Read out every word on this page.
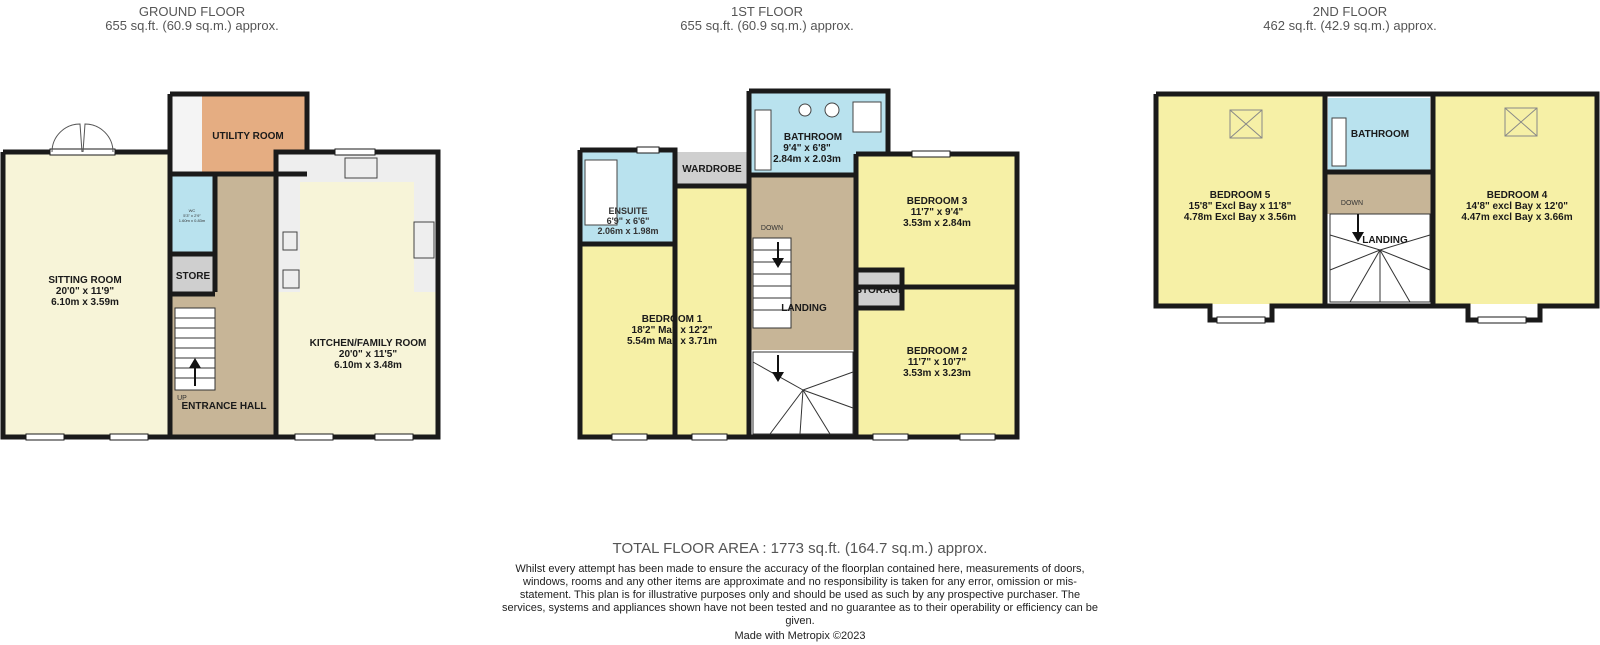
GROUND FLOOR
655 sq.ft. (60.9 sq.m.) approx.
SITTING ROOM
20'0" x 11'9"
6.10m x 3.59m
UTILITY ROOM
KITCHEN/FAMILY ROOM
20'0" x 11'5"
6.10m x 3.48m
STORE
ENTRANCE HALL
UP
WC
5'3" x 2'9"
1.60m x 0.83m
1ST FLOOR
655 sq.ft. (60.9 sq.m.) approx.
BATHROOM
9'4" x 6'8"
2.84m x 2.03m
WARDROBE
ENSUITE
6'9" x 6'6"
2.06m x 1.98m
BEDROOM 3
11'7" x 9'4"
3.53m x 2.84m
BEDROOM 1
18'2" Max x 12'2"
5.54m Max x 3.71m
LANDING
DOWN
STORAGE
BEDROOM 2
11'7" x 10'7"
3.53m x 3.23m
2ND FLOOR
462 sq.ft. (42.9 sq.m.) approx.
BATHROOM
BEDROOM 5
15'8" Excl Bay x 11'8"
4.78m Excl Bay x 3.56m
BEDROOM 4
14'8" excl Bay x 12'0"
4.47m excl Bay x 3.66m
LANDING
DOWN
TOTAL FLOOR AREA : 1773 sq.ft. (164.7 sq.m.) approx.
Whilst every attempt has been made to ensure the accuracy of the floorplan contained here, measurements of doors, windows, rooms and any other items are approximate and no responsibility is taken for any error, omission or mis-statement. This plan is for illustrative purposes only and should be used as such by any prospective purchaser. The services, systems and appliances shown have not been tested and no guarantee as to their operability or efficiency can be given.
Made with Metropix ©2023
